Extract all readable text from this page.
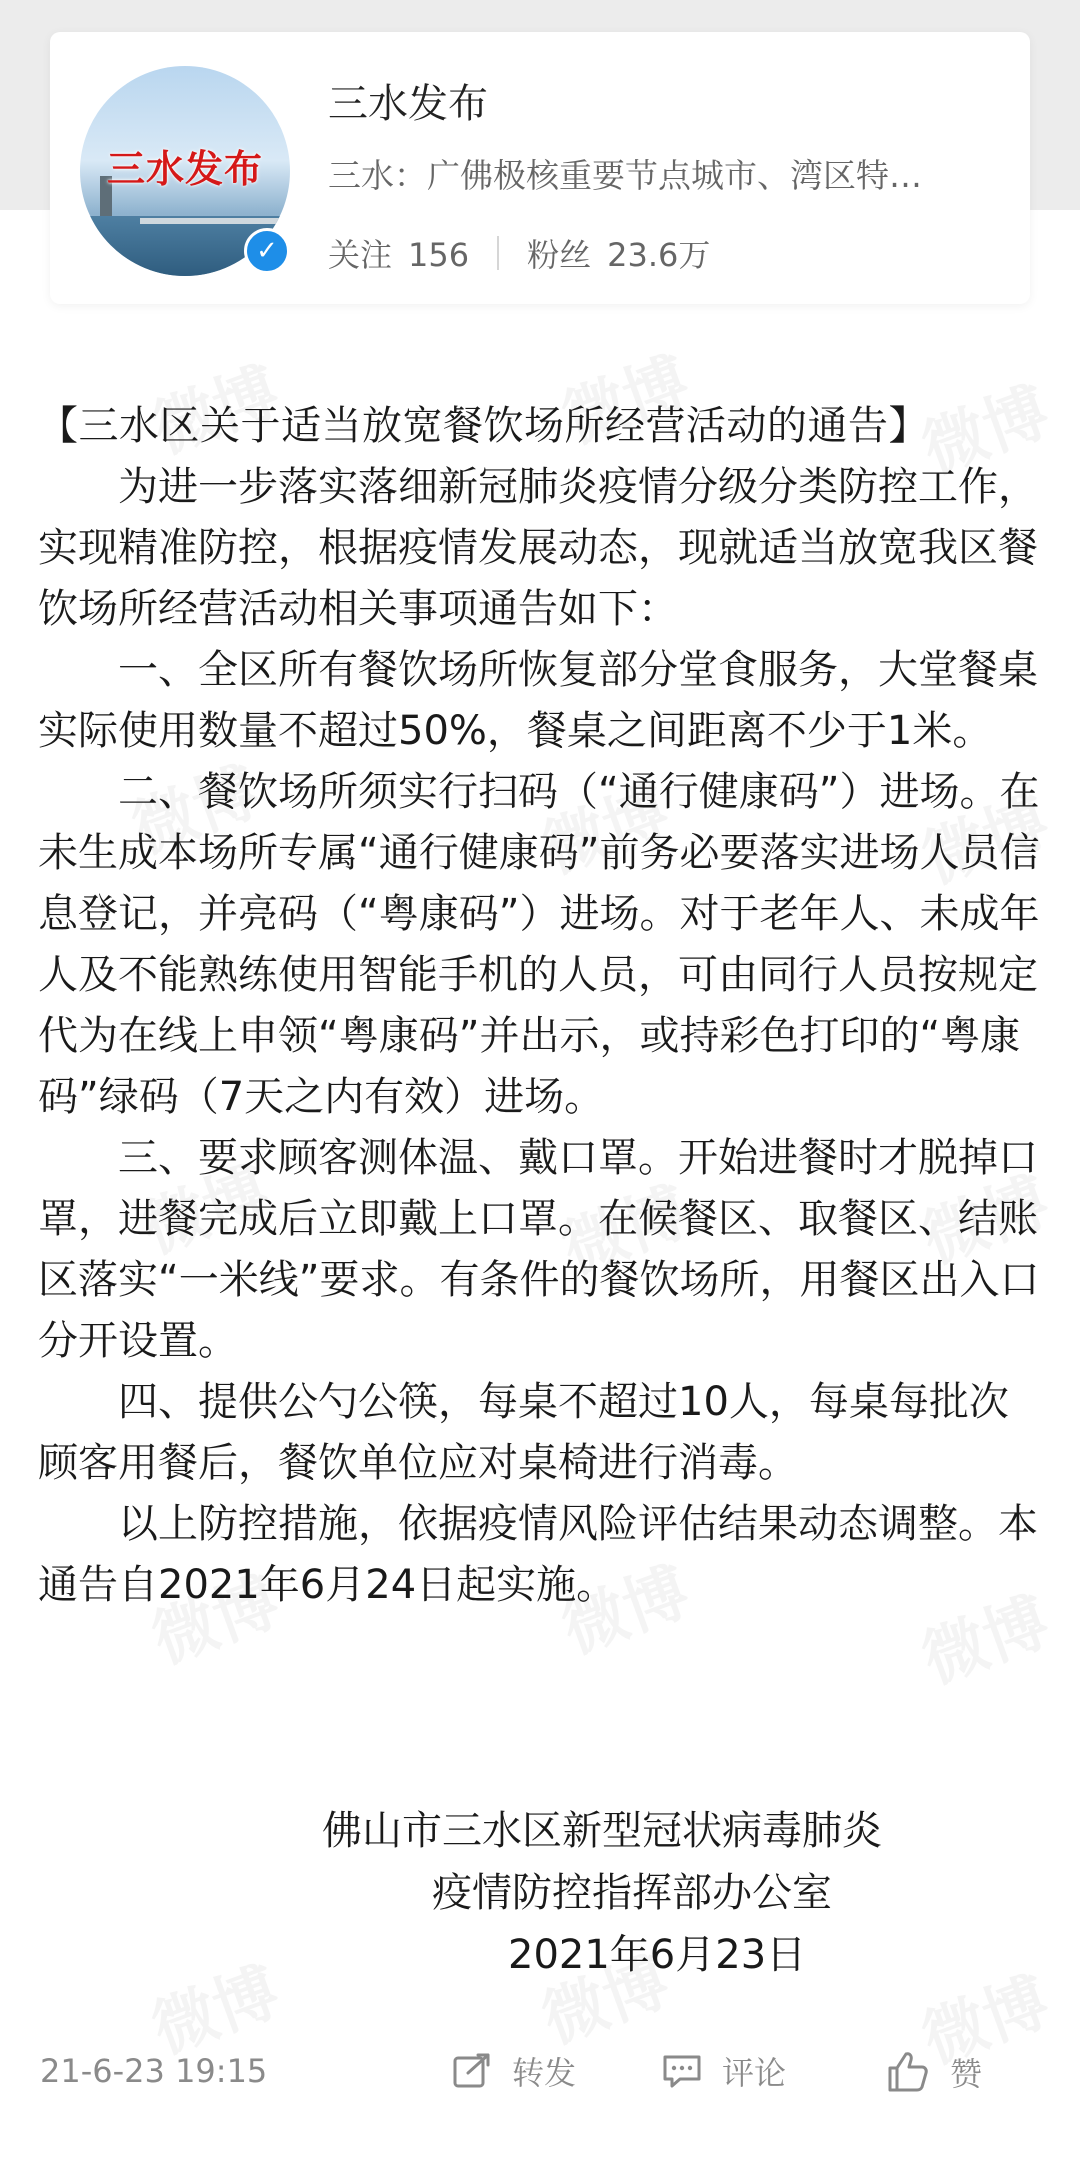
三水发布
✓
三水发布
三水：广佛极核重要节点城市、湾区特…
关注 156 粉丝 23.6万

【三水区关于适当放宽餐饮场所经营活动的通告】

为进一步落实落细新冠肺炎疫情分级分类防控工作，实现精准防控，根据疫情发展动态，现就适当放宽我区餐饮场所经营活动相关事项通告如下：

一、全区所有餐饮场所恢复部分堂食服务，大堂餐桌实际使用数量不超过50%，餐桌之间距离不少于1米。

二、餐饮场所须实行扫码（“通行健康码”）进场。在未生成本场所专属“通行健康码”前务必要落实进场人员信息登记，并亮码（“粤康码”）进场。对于老年人、未成年人及不能熟练使用智能手机的人员，可由同行人员按规定代为在线上申领“粤康码”并出示，或持彩色打印的“粤康码”绿码（7天之内有效）进场。

三、要求顾客测体温、戴口罩。开始进餐时才脱掉口罩，进餐完成后立即戴上口罩。在候餐区、取餐区、结账区落实“一米线”要求。有条件的餐饮场所，用餐区出入口分开设置。

四、提供公勺公筷，每桌不超过10人，每桌每批次顾客用餐后，餐饮单位应对桌椅进行消毒。

以上防控措施，依据疫情风险评估结果动态调整。本通告自2021年6月24日起实施。

佛山市三水区新型冠状病毒肺炎
疫情防控指挥部办公室
2021年6月23日
21-6-23 19:15	转发	评论	赞
